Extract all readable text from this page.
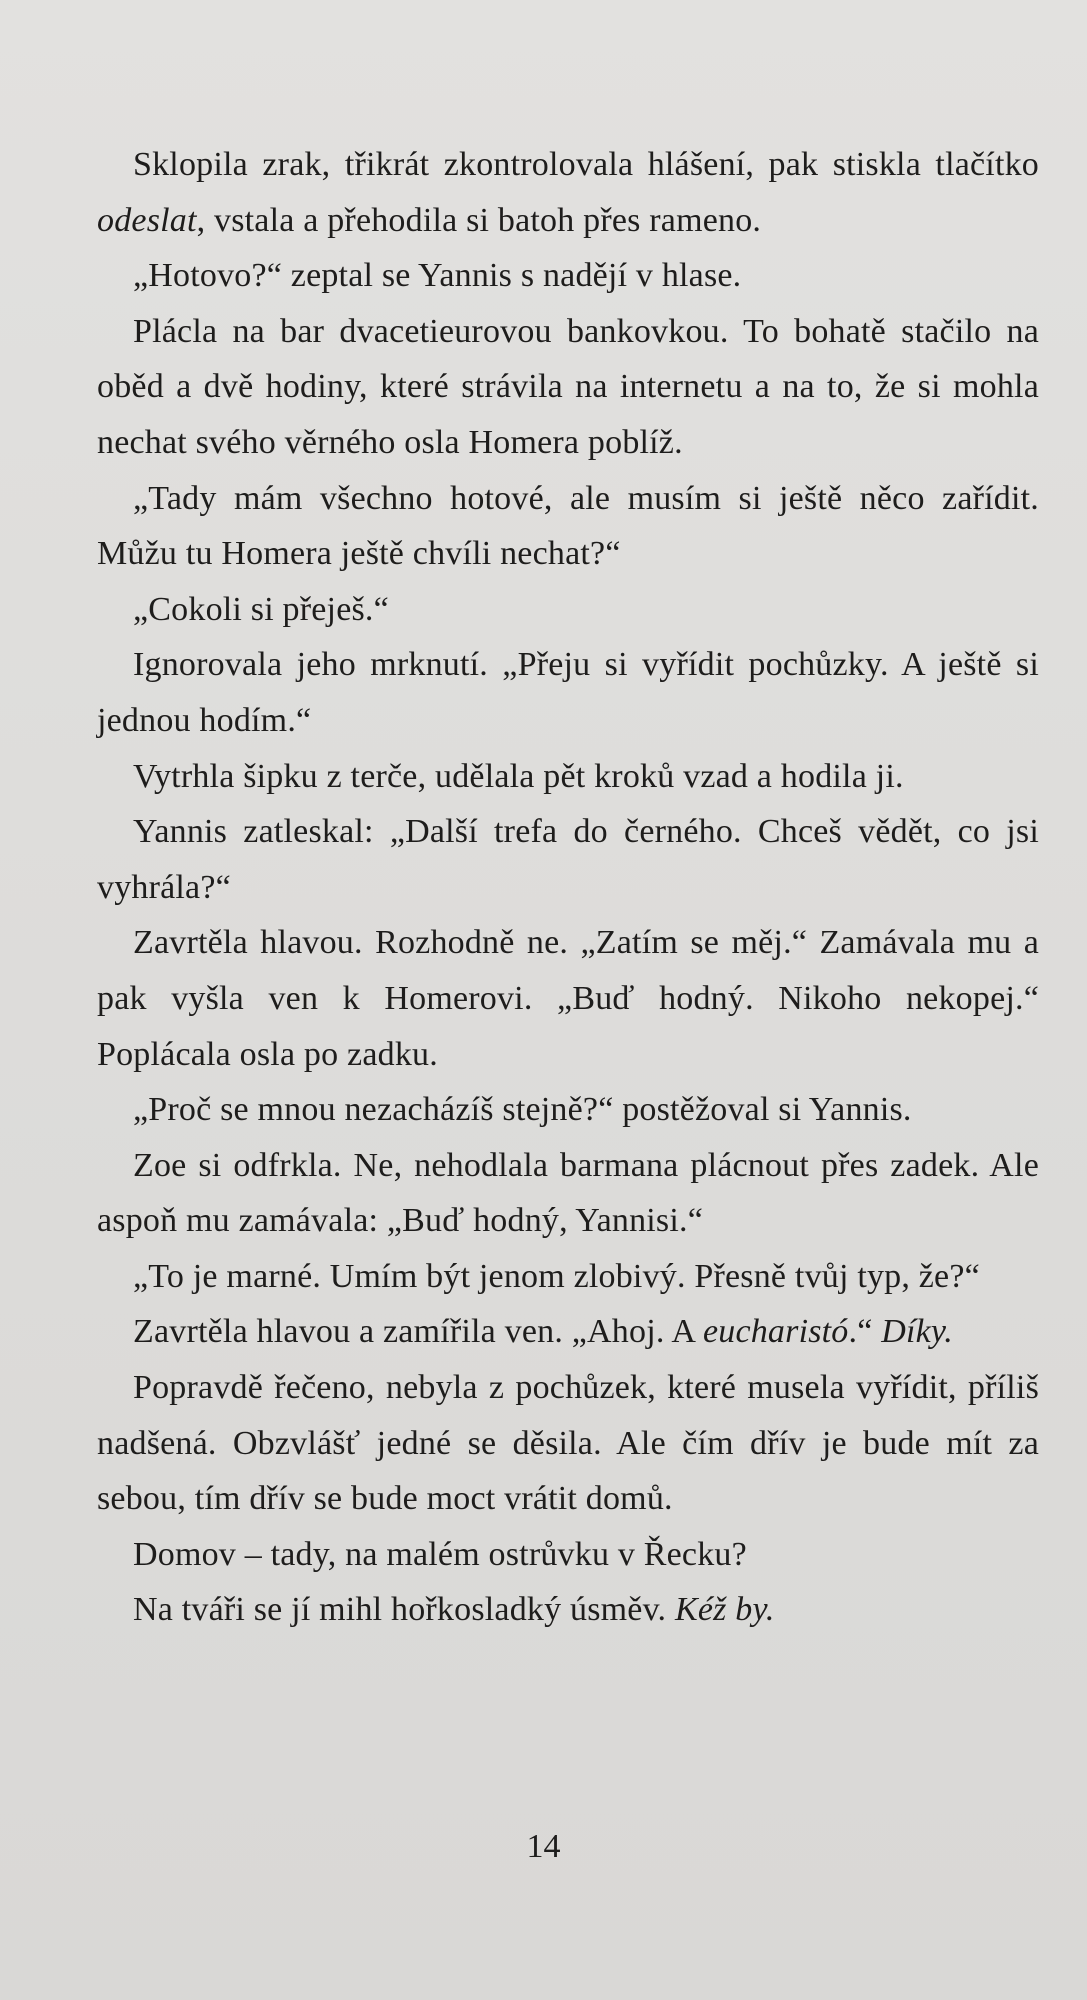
Sklopila zrak, třikrát zkontrolovala hlášení, pak stiskla tlačítko odeslat, vstala a přehodila si batoh přes rameno.

„Hotovo?“ zeptal se Yannis s nadějí v hlase.

Plácla na bar dvacetieurovou bankovkou. To bohatě stačilo na oběd a dvě hodiny, které strávila na internetu a na to, že si mohla nechat svého věrného osla Homera poblíž.

„Tady mám všechno hotové, ale musím si ještě něco zařídit. Můžu tu Homera ještě chvíli nechat?“

„Cokoli si přeješ.“

Ignorovala jeho mrknutí. „Přeju si vyřídit pochůzky. A ještě si jednou hodím.“

Vytrhla šipku z terče, udělala pět kroků vzad a hodila ji.

Yannis zatleskal: „Další trefa do černého. Chceš vědět, co jsi vyhrála?“

Zavrtěla hlavou. Rozhodně ne. „Zatím se měj.“ Zamávala mu a pak vyšla ven k Homerovi. „Buď hodný. Nikoho nekopej.“ Poplácala osla po zadku.

„Proč se mnou nezacházíš stejně?“ postěžoval si Yannis.

Zoe si odfrkla. Ne, nehodlala barmana plácnout přes zadek. Ale aspoň mu zamávala: „Buď hodný, Yannisi.“

„To je marné. Umím být jenom zlobivý. Přesně tvůj typ, že?“

Zavrtěla hlavou a zamířila ven. „Ahoj. A eucharistó.“ Díky.

Popravdě řečeno, nebyla z pochůzek, které musela vyřídit, příliš nadšená. Obzvlášť jedné se děsila. Ale čím dřív je bude mít za sebou, tím dřív se bude moct vrátit domů.

Domov – tady, na malém ostrůvku v Řecku?

Na tváři se jí mihl hořkosladký úsměv. Kéž by.

14
